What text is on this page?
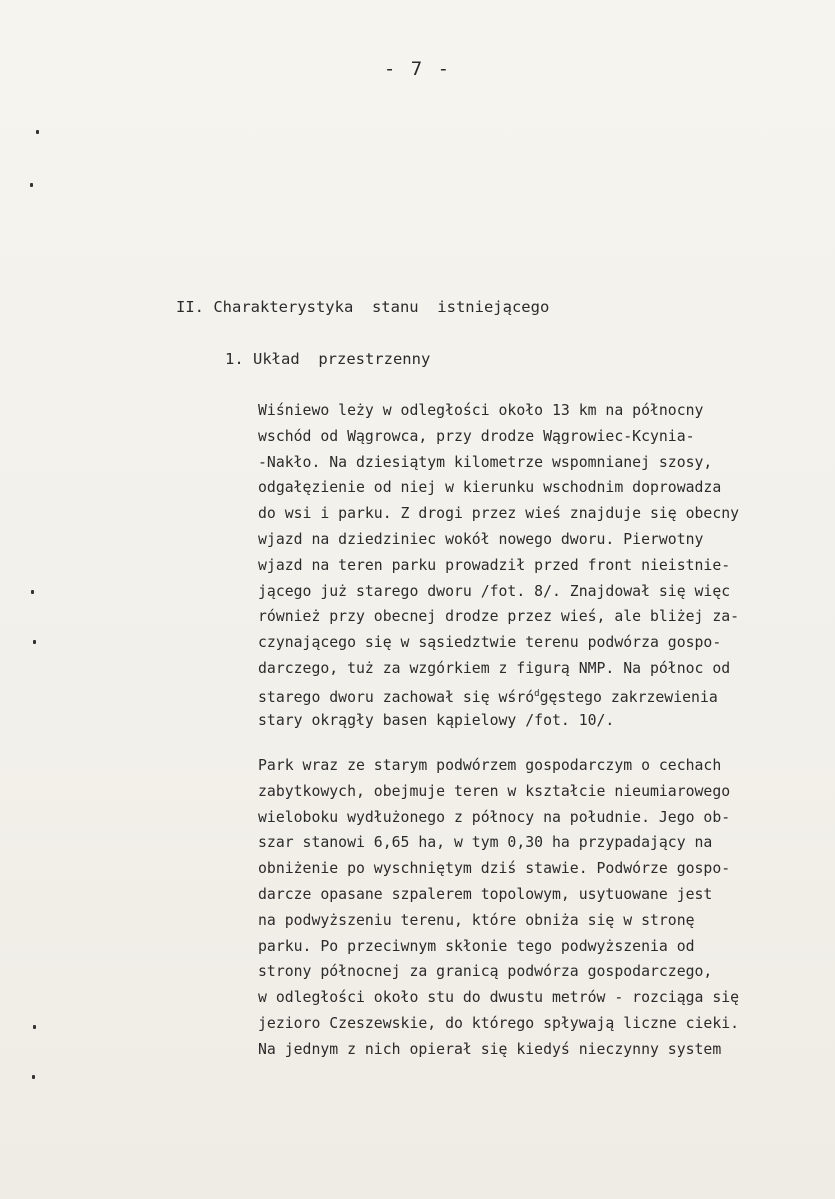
- 7 -
II. Charakterystyka  stanu  istniejącego
1. Układ  przestrzenny
Wiśniewo leży w odległości około 13 km na północny
wschód od Wągrowca, przy drodze Wągrowiec-Kcynia-
-Nakło. Na dziesiątym kilometrze wspomnianej szosy,
odgałęzienie od niej w kierunku wschodnim doprowadza
do wsi i parku. Z drogi przez wieś znajduje się obecny
wjazd na dziedziniec wokół nowego dworu. Pierwotny
wjazd na teren parku prowadził przed front nieistnie-
jącego już starego dworu /fot. 8/. Znajdował się więc
również przy obecnej drodze przez wieś, ale bliżej za-
czynającego się w sąsiedztwie terenu podwórza gospo-
darczego, tuż za wzgórkiem z figurą NMP. Na północ od
starego dworu zachował się wśró$^d$gęstego zakrzewienia
stary okrągły basen kąpielowy /fot. 10/.
Park wraz ze starym podwórzem gospodarczym o cechach
zabytkowych, obejmuje teren w kształcie nieumiarowego
wieloboku wydłużonego z północy na południe. Jego ob-
szar stanowi 6,65 ha, w tym 0,30 ha przypadający na
obniżenie po wyschniętym dziś stawie. Podwórze gospo-
darcze opasane szpalerem topolowym, usytuowane jest
na podwyższeniu terenu, które obniża się w stronę
parku. Po przeciwnym skłonie tego podwyższenia od
strony północnej za granicą podwórza gospodarczego,
w odległości około stu do dwustu metrów - rozciąga się
jezioro Czeszewskie, do którego spływają liczne cieki.
Na jednym z nich opierał się kiedyś nieczynny system
